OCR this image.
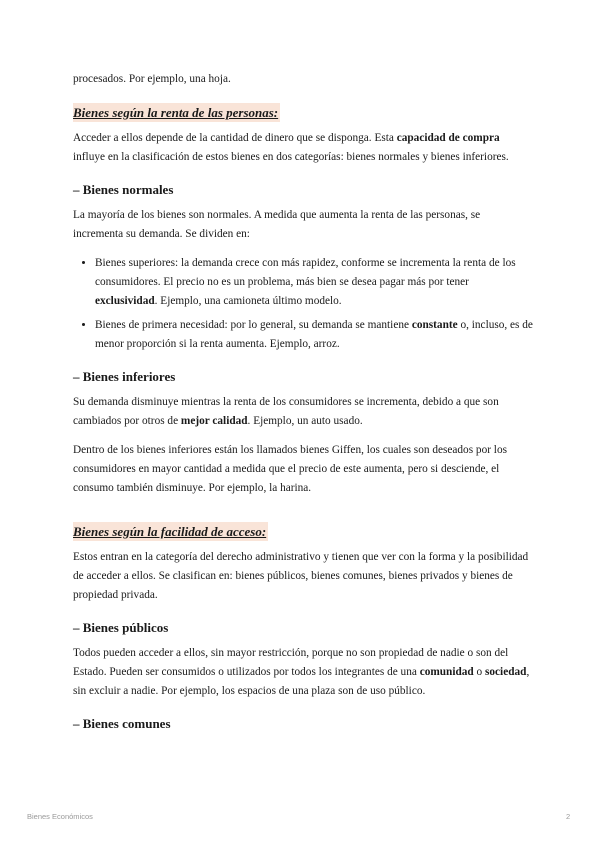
procesados. Por ejemplo, una hoja.

Bienes según la renta de las personas:

Acceder a ellos depende de la cantidad de dinero que se disponga. Esta capacidad de compra influye en la clasificación de estos bienes en dos categorías: bienes normales y bienes inferiores.

– Bienes normales

La mayoría de los bienes son normales. A medida que aumenta la renta de las personas, se incrementa su demanda. Se dividen en:

• Bienes superiores: la demanda crece con más rapidez, conforme se incrementa la renta de los consumidores. El precio no es un problema, más bien se desea pagar más por tener exclusividad. Ejemplo, una camioneta último modelo.
• Bienes de primera necesidad: por lo general, su demanda se mantiene constante o, incluso, es de menor proporción si la renta aumenta. Ejemplo, arroz.
– Bienes inferiores

Su demanda disminuye mientras la renta de los consumidores se incrementa, debido a que son cambiados por otros de mejor calidad. Ejemplo, un auto usado.

Dentro de los bienes inferiores están los llamados bienes Giffen, los cuales son deseados por los consumidores en mayor cantidad a medida que el precio de este aumenta, pero si desciende, el consumo también disminuye. Por ejemplo, la harina.

Bienes según la facilidad de acceso:

Estos entran en la categoría del derecho administrativo y tienen que ver con la forma y la posibilidad de acceder a ellos. Se clasifican en: bienes públicos, bienes comunes, bienes privados y bienes de propiedad privada.

– Bienes públicos

Todos pueden acceder a ellos, sin mayor restricción, porque no son propiedad de nadie o son del Estado. Pueden ser consumidos o utilizados por todos los integrantes de una comunidad o sociedad, sin excluir a nadie. Por ejemplo, los espacios de una plaza son de uso público.

– Bienes comunes
Bienes Económicos	2
